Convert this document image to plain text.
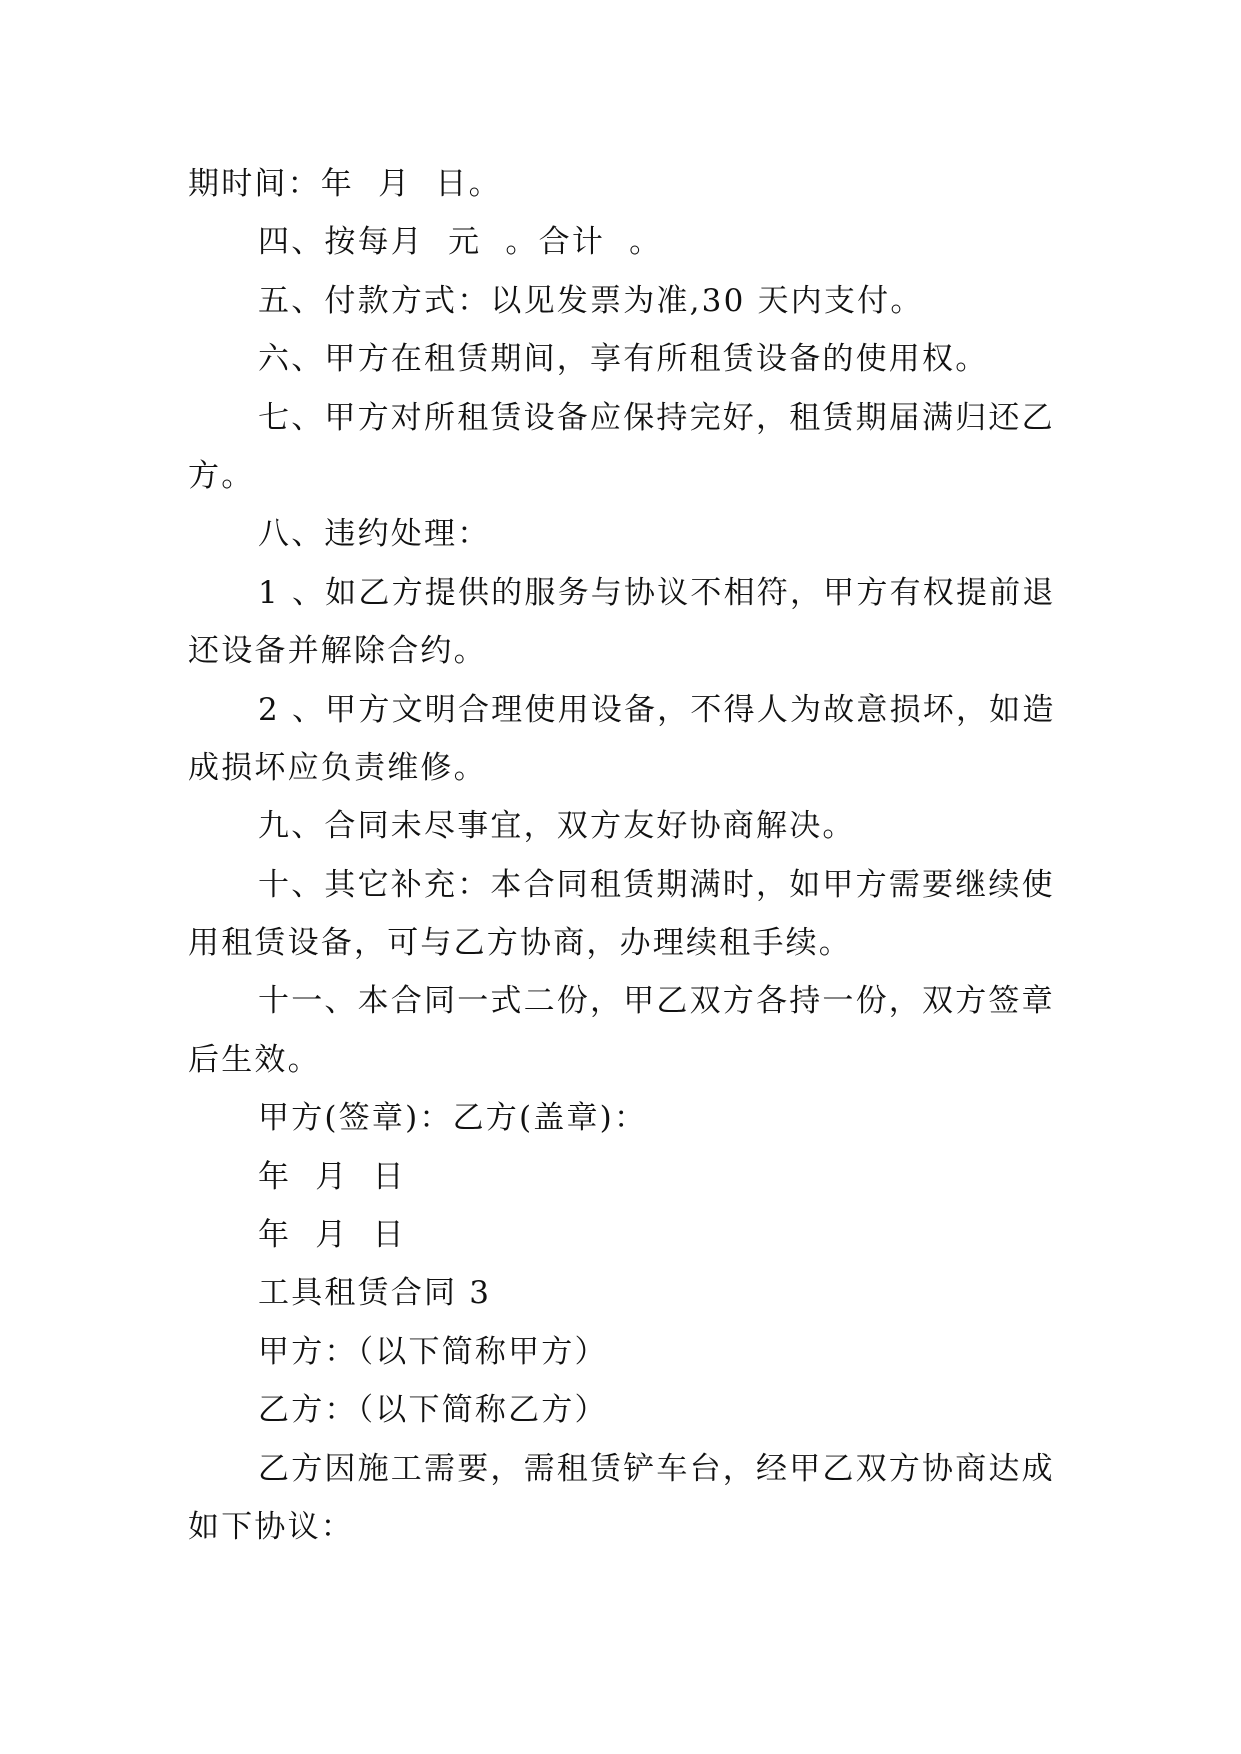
期时间：年  月  日。
四、按每月  元  。合计  。
五、付款方式：以见发票为准,30 天内支付。
六、甲方在租赁期间，享有所租赁设备的使用权。
七、甲方对所租赁设备应保持完好，租赁期届满归还乙
方。
八、违约处理：
1 、如乙方提供的服务与协议不相符，甲方有权提前退
还设备并解除合约。
2 、甲方文明合理使用设备，不得人为故意损坏，如造
成损坏应负责维修。
九、合同未尽事宜，双方友好协商解决。
十、其它补充：本合同租赁期满时，如甲方需要继续使
用租赁设备，可与乙方协商，办理续租手续。
十一、本合同一式二份，甲乙双方各持一份，双方签章
后生效。
甲方(签章)：乙方(盖章)：
年  月  日
年  月  日
工具租赁合同 3
甲方：（以下简称甲方）
乙方：（以下简称乙方）
乙方因施工需要，需租赁铲车台，经甲乙双方协商达成
如下协议：
